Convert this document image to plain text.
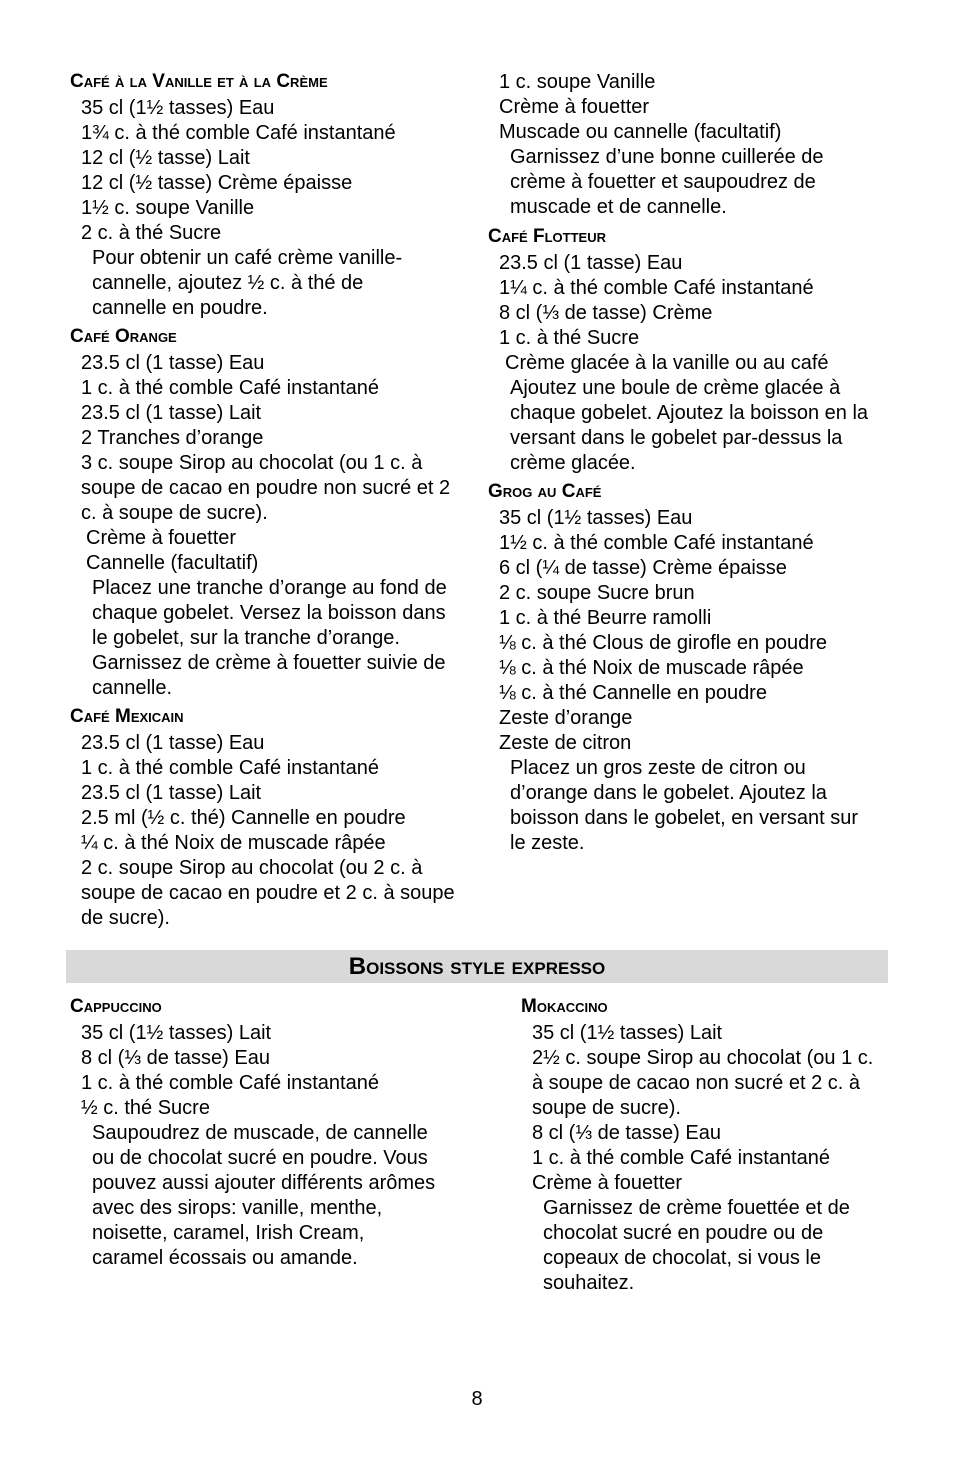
Café à la Vanille et à la Crème
35 cl (1½ tasses) Eau
1¾ c. à thé comble Café instantané
12 cl (½ tasse) Lait
12 cl (½ tasse) Crème épaisse
1½ c. soupe Vanille
2 c. à thé Sucre
Pour obtenir un café crème vanille-cannelle, ajoutez ½ c. à thé de cannelle en poudre.
Café Orange
23.5 cl (1 tasse) Eau
1 c. à thé comble Café instantané
23.5 cl (1 tasse) Lait
2 Tranches d’orange
3 c. soupe Sirop au chocolat (ou 1 c. à soupe de cacao en poudre non sucré et 2 c. à soupe de sucre).
Crème à fouetter
Cannelle (facultatif)
Placez une tranche d’orange au fond de chaque gobelet. Versez la boisson dans le gobelet, sur la tranche d’orange. Garnissez de crème à fouetter suivie de cannelle.
Café Mexicain
23.5 cl (1 tasse) Eau
1 c. à thé comble Café instantané
23.5 cl (1 tasse) Lait
2.5 ml (½ c. thé) Cannelle en poudre
¼ c. à thé Noix de muscade râpée
2 c. soupe Sirop au chocolat (ou 2 c. à soupe de cacao en poudre et 2 c. à soupe de sucre).
1 c. soupe Vanille
Crème à fouetter
Muscade ou cannelle (facultatif)
Garnissez d’une bonne cuillerée de crème à fouetter et saupoudrez de muscade et de cannelle.
Café Flotteur
23.5 cl (1 tasse) Eau
1¼ c. à thé comble Café instantané
8 cl (⅓ de tasse) Crème
1 c. à thé Sucre
Crème glacée à la vanille ou au café
Ajoutez une boule de crème glacée à chaque gobelet. Ajoutez la boisson en la versant dans le gobelet par-dessus la crème glacée.
Grog au Café
35 cl (1½ tasses) Eau
1½ c. à thé comble Café instantané
6 cl (¼ de tasse) Crème épaisse
2 c. soupe Sucre brun
1 c. à thé Beurre ramolli
⅛ c. à thé Clous de girofle en poudre
⅛ c. à thé Noix de muscade râpée
⅛ c. à thé Cannelle en poudre
Zeste d’orange
Zeste de citron
Placez un gros zeste de citron ou d’orange dans le gobelet. Ajoutez la boisson dans le gobelet, en versant sur le zeste.
Boissons style expresso
Cappuccino
35 cl (1½ tasses) Lait
8 cl (⅓ de tasse) Eau
1 c. à thé comble Café instantané
½ c. thé Sucre
Saupoudrez de muscade, de cannelle ou de chocolat sucré en poudre. Vous pouvez aussi ajouter différents arômes avec des sirops: vanille, menthe, noisette, caramel, Irish Cream, caramel écossais ou amande.
Mokaccino
35 cl (1½ tasses) Lait
2½ c. soupe Sirop au chocolat (ou 1 c. à soupe de cacao non sucré et 2 c. à soupe de sucre).
8 cl (⅓ de tasse) Eau
1 c. à thé comble Café instantané
Crème à fouetter
Garnissez de crème fouettée et de chocolat sucré en poudre ou de copeaux de chocolat, si vous le souhaitez.
8
